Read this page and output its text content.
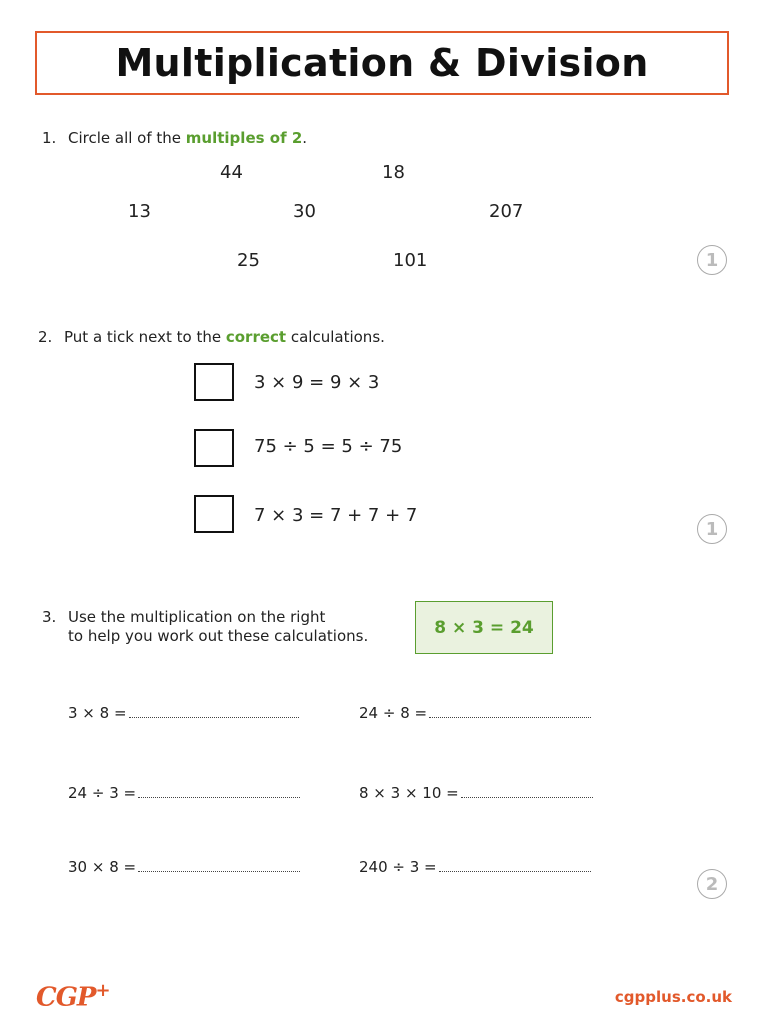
Multiplication & Division
1. Circle all of the multiples of 2.
44	18
13	30	207
25	101	1
2. Put a tick next to the correct calculations.
3 × 9 = 9 × 3
75 ÷ 5 = 5 ÷ 75
7 × 3 = 7 + 7 + 7
1
3. Use the multiplication on the right
to help you work out these calculations.	8 × 3 = 24
3 × 8 =	24 ÷ 8 =
24 ÷ 3 =	8 × 3 × 10 =
30 × 8 =	240 ÷ 3 =
2
CGP+	cgpplus.co.uk
